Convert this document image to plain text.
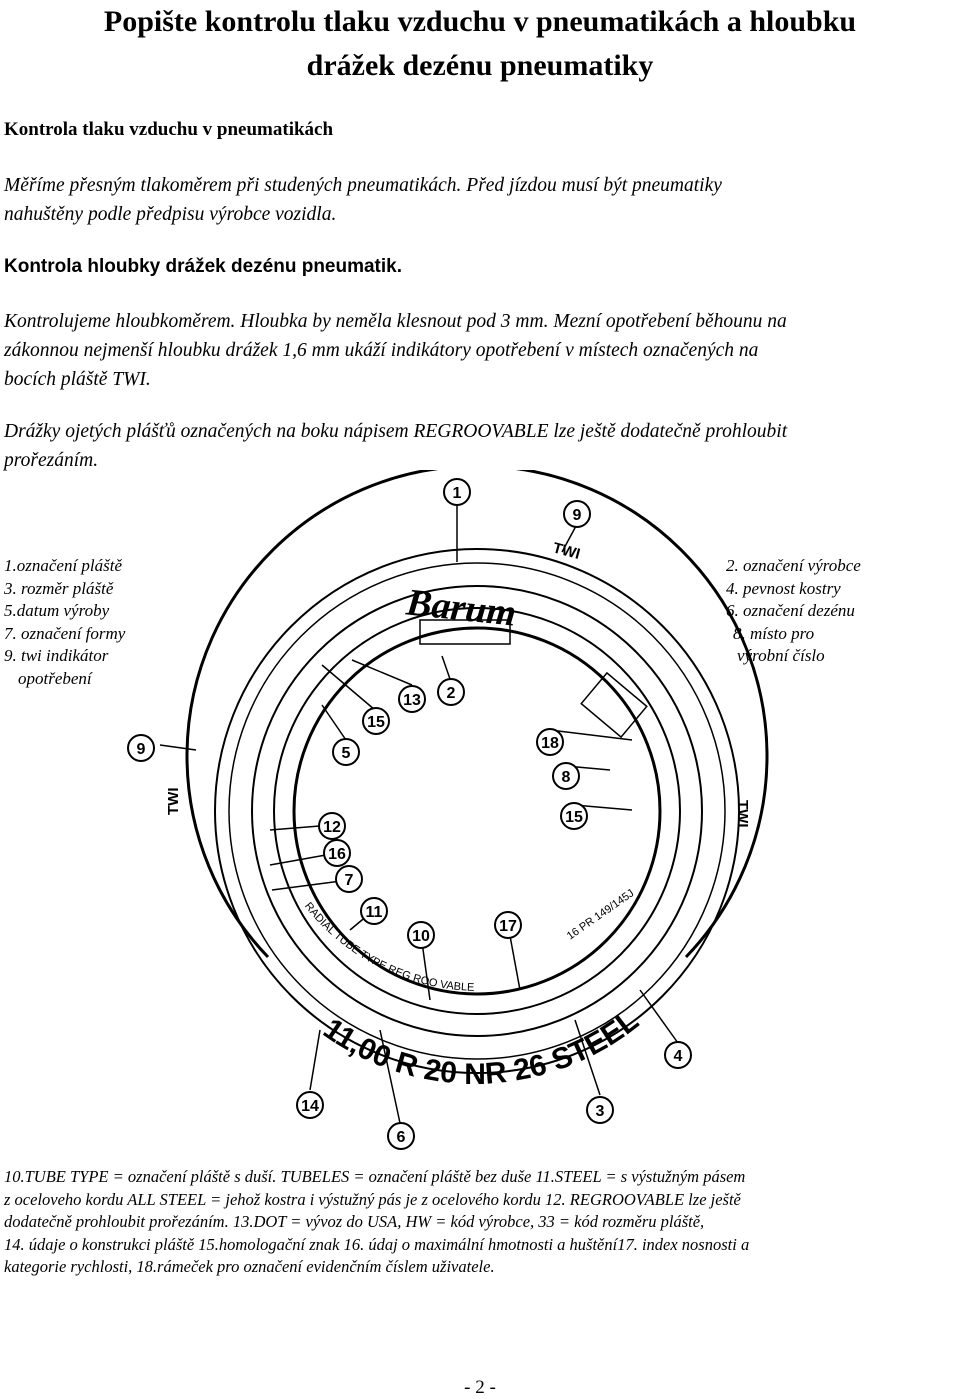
Popište kontrolu tlaku vzduchu v pneumatikách a hloubku
drážek dezénu pneumatiky
Kontrola tlaku vzduchu v pneumatikách
Měříme přesným tlakoměrem při studených pneumatikách. Před jízdou musí být pneumatiky
nahuštěny podle předpisu výrobce vozidla.
Kontrola hloubky drážek dezénu pneumatik.
Kontrolujeme hloubkoměrem. Hloubka by neměla klesnout pod 3 mm. Mezní opotřebení běhounu na
zákonnou nejmenší hloubku drážek 1,6 mm ukáží indikátory opotřebení v místech označených na
bocích pláště TWI.
Drážky ojetých plášťů označených na boku nápisem REGROOVABLE lze ještě dodatečně prohloubit
prořezáním.
Barum
TWI
TWI	TWI
11,00 R 20 NR 26 STEEL
RADIAL TUBE TYPE REG ROO VABLE
16 PR 149/145J
1
9
13 2
15
5
18
8
15
9
12
16
7
11
10
17
4
3
6
14
1.označení pláště
3. rozměr pláště
5.datum výroby
7. označení formy
9. twi indikátor
opotřebení
2. označení výrobce
4. pevnost kostry
6. označení dezénu
8. místo pro
výrobní číslo
10.TUBE TYPE = označení pláště s duší. TUBELES = označení pláště bez duše 11.STEEL = s výstužným pásem
z oceloveho kordu ALL STEEL = jehož kostra i výstužný pás je z ocelového kordu 12. REGROOVABLE lze ještě
dodatečně prohloubit prořezáním. 13.DOT = vývoz do USA, HW = kód výrobce, 33 = kód rozměru pláště,
14. údaje o konstrukci pláště 15.homologační znak 16. údaj o maximální hmotnosti a huštění17. index nosnosti a
kategorie rychlosti, 18.rámeček pro označení evidenčním číslem uživatele.
- 2 -
